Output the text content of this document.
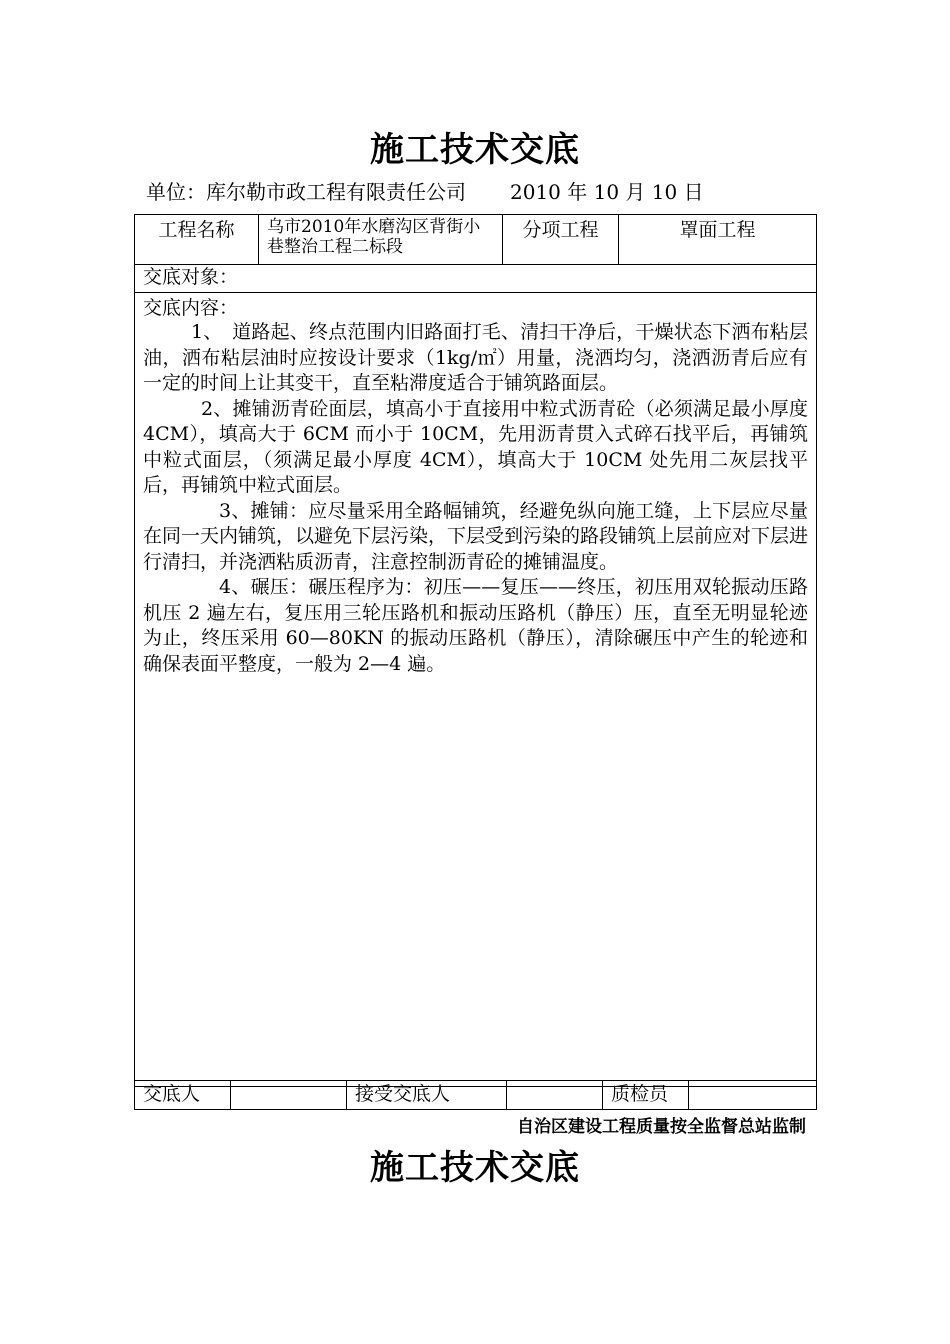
施工技术交底
单位：库尔勒市政工程有限责任公司 2010 年 10 月 10 日
工程名称	乌市2010年水磨沟区背街小巷整治工程二标段	分项工程	罩面工程
交底对象：

交底内容：

1、　道路起、终点范围内旧路面打毛、清扫干净后，干燥状态下洒布粘层油，洒布粘层油时应按设计要求（1kg/㎡）用量，浇洒均匀，浇洒沥青后应有一定的时间上让其变干，直至粘滞度适合于铺筑路面层。

2、摊铺沥青砼面层，填高小于直接用中粒式沥青砼（必须满足最小厚度 4CM），填高大于 6CM 而小于 10CM，先用沥青贯入式碎石找平后，再铺筑中粒式面层，（须满足最小厚度 4CM），填高大于 10CM 处先用二灰层找平后，再铺筑中粒式面层。

3、摊铺：应尽量采用全路幅铺筑，经避免纵向施工缝，上下层应尽量在同一天内铺筑，以避免下层污染，下层受到污染的路段铺筑上层前应对下层进行清扫，并浇洒粘质沥青，注意控制沥青砼的摊铺温度。

4、碾压：碾压程序为：初压——复压——终压，初压用双轮振动压路机压 2 遍左右，复压用三轮压路机和振动压路机（静压）压，直至无明显轮迹为止，终压采用 60—80KN 的振动压路机（静压），清除碾压中产生的轮迹和确保表面平整度，一般为 2—4 遍。

交底人		接受交底人		质检员	
自治区建设工程质量按全监督总站监制
施工技术交底
